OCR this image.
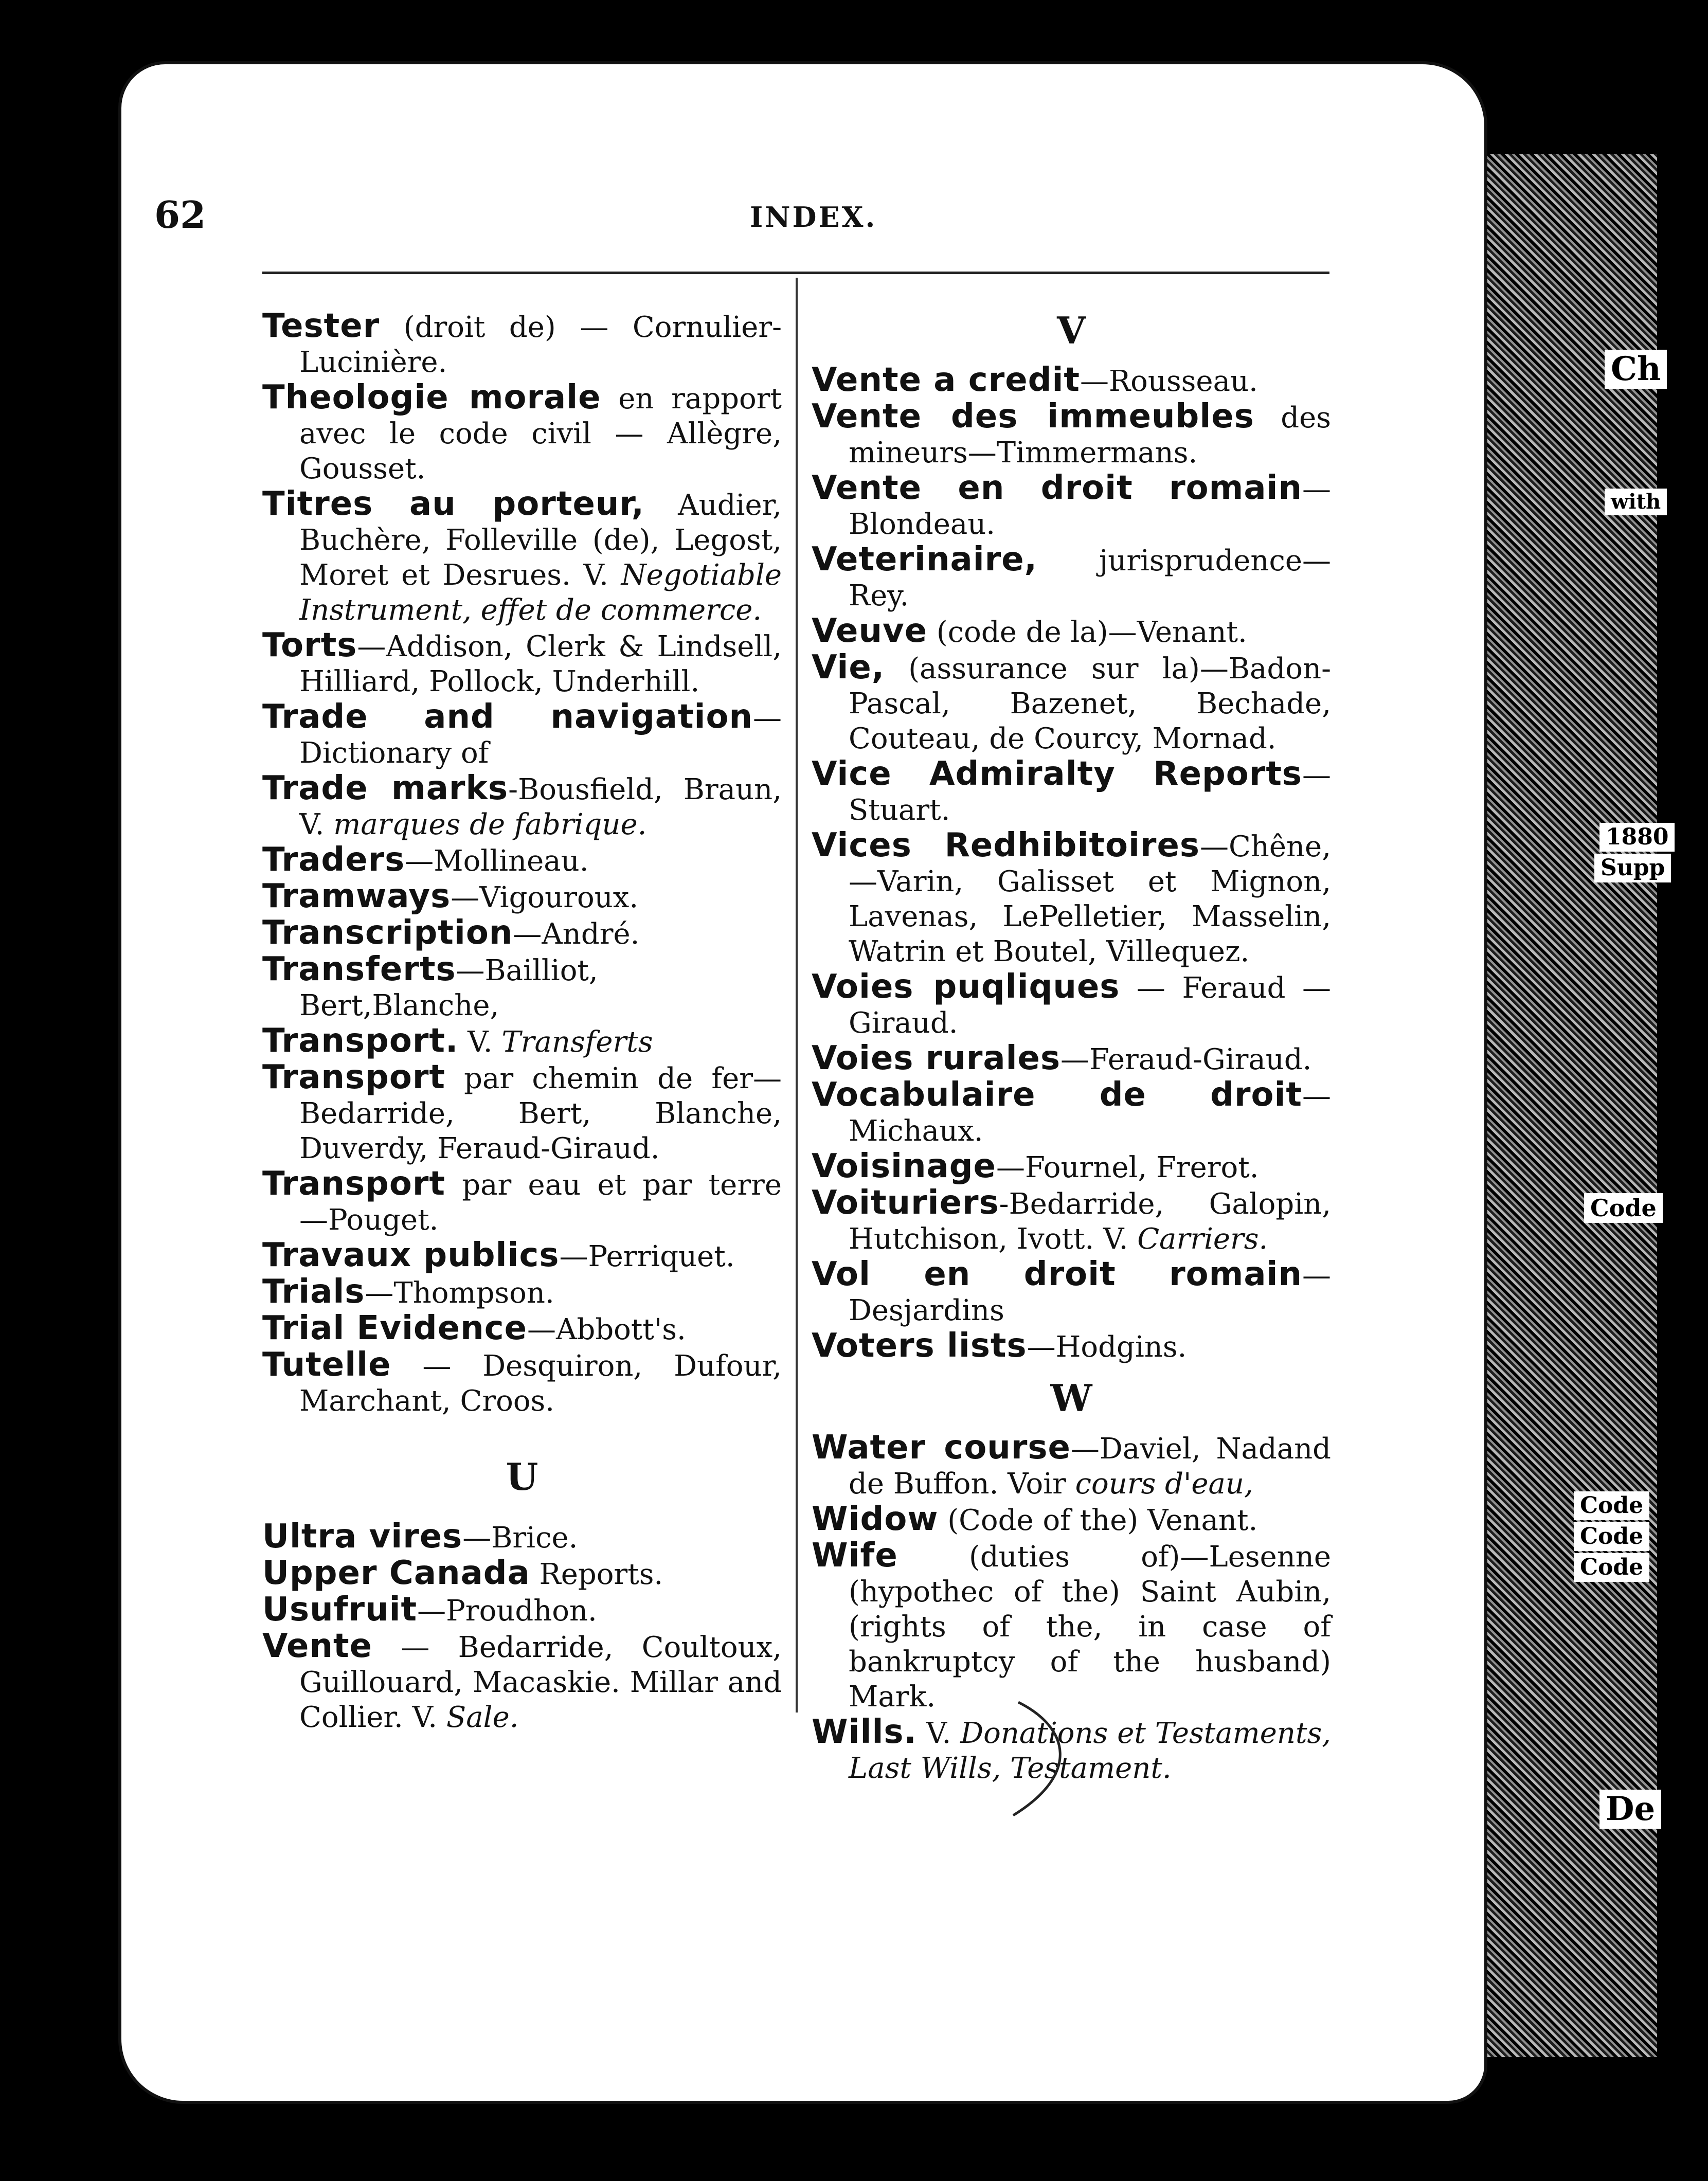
Ch
with
1880
Supp
Code
Code
Code
Code
De
62	INDEX.

Tester (droit de) — Cornulier-Lucinière.

Theologie morale en rapport avec le code civil — Allègre, Gousset.

Titres au porteur, Audier, Buchère, Folleville (de), Legost, Moret et Desrues. V. Negotiable Instrument, effet de commerce.

Torts—Addison, Clerk & Lindsell, Hilliard, Pollock, Underhill.

Trade and navigation—Dictionary of

Trade marks-Bousfield, Braun, V. marques de fabrique.

Traders—Mollineau.

Tramways—Vigouroux.

Transcription—André.

Transferts—Bailliot, Bert,Blanche,

Transport. V. Transferts

Transport par chemin de fer—Bedarride, Bert, Blanche, Duverdy, Feraud-Giraud.

Transport par eau et par terre —Pouget.

Travaux publics—Perriquet.

Trials—Thompson.

Trial Evidence—Abbott's.

Tutelle — Desquiron, Dufour, Marchant, Croos.

U

Ultra vires—Brice.

Upper Canada Reports.

Usufruit—Proudhon.

Vente — Bedarride, Coultoux, Guillouard, Macaskie. Millar and Collier. V. Sale.

V

Vente a credit—Rousseau.

Vente des immeubles des mineurs—Timmermans.

Vente en droit romain—Blondeau.

Veterinaire, jurisprudence—Rey.

Veuve (code de la)—Venant.

Vie, (assurance sur la)—Badon-Pascal, Bazenet, Bechade, Couteau, de Courcy, Mornad.

Vice Admiralty Reports—Stuart.

Vices Redhibitoires—Chêne, —Varin, Galisset et Mignon, Lavenas, LePelletier, Masselin, Watrin et Boutel, Villequez.

Voies puqliques — Feraud — Giraud.

Voies rurales—Feraud-Giraud.

Vocabulaire de droit—Michaux.

Voisinage—Fournel, Frerot.

Voituriers-Bedarride, Galopin, Hutchison, Ivott. V. Carriers.

Vol en droit romain—Desjardins

Voters lists—Hodgins.

W

Water course—Daviel, Nadand de Buffon. Voir cours d'eau,

Widow (Code of the) Venant.

Wife (duties of)—Lesenne (hypothec of the) Saint Aubin, (rights of the, in case of bankruptcy of the husband) Mark.

Wills. V. Donations et Testaments, Last Wills, Testament.
